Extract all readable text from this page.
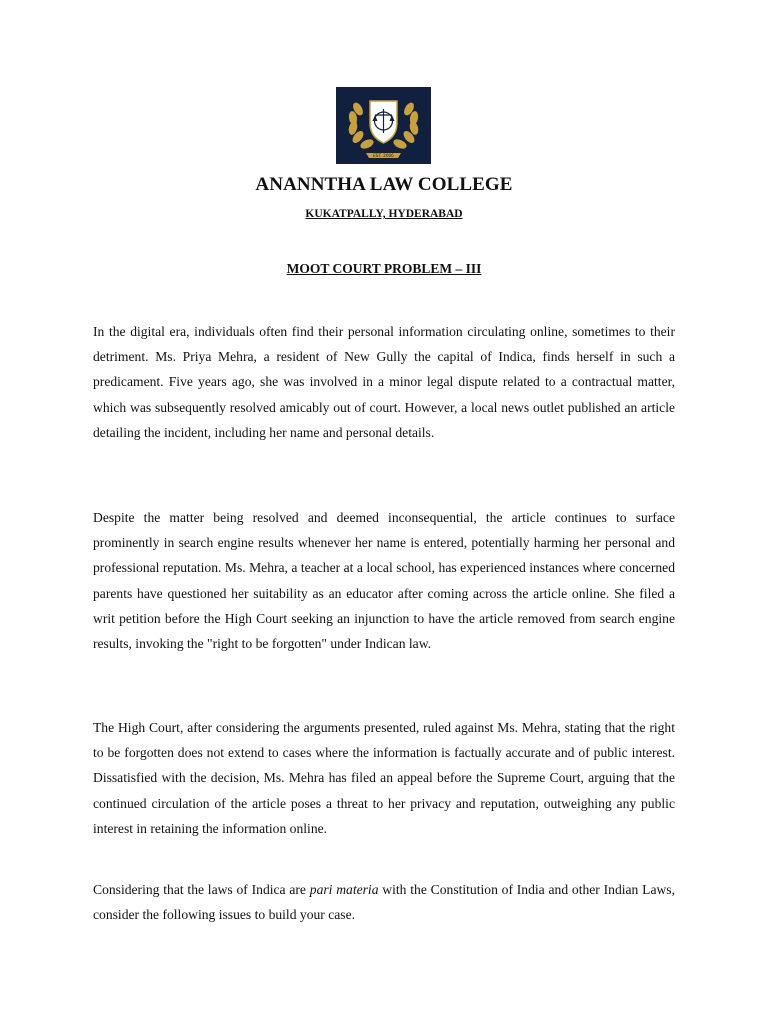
EST. 2006
ANANNTHA LAW COLLEGE
KUKATPALLY, HYDERABAD
MOOT COURT PROBLEM – III

In the digital era, individuals often find their personal information circulating online, sometimes to their detriment. Ms. Priya Mehra, a resident of New Gully the capital of Indica, finds herself in such a predicament. Five years ago, she was involved in a minor legal dispute related to a contractual matter, which was subsequently resolved amicably out of court. However, a local news outlet published an article detailing the incident, including her name and personal details.

Despite the matter being resolved and deemed inconsequential, the article continues to surface prominently in search engine results whenever her name is entered, potentially harming her personal and professional reputation. Ms. Mehra, a teacher at a local school, has experienced instances where concerned parents have questioned her suitability as an educator after coming across the article online. She filed a writ petition before the High Court seeking an injunction to have the article removed from search engine results, invoking the "right to be forgotten" under Indican law.

The High Court, after considering the arguments presented, ruled against Ms. Mehra, stating that the right to be forgotten does not extend to cases where the information is factually accurate and of public interest. Dissatisfied with the decision, Ms. Mehra has filed an appeal before the Supreme Court, arguing that the continued circulation of the article poses a threat to her privacy and reputation, outweighing any public interest in retaining the information online.

Considering that the laws of Indica are pari materia with the Constitution of India and other Indian Laws, consider the following issues to build your case.
